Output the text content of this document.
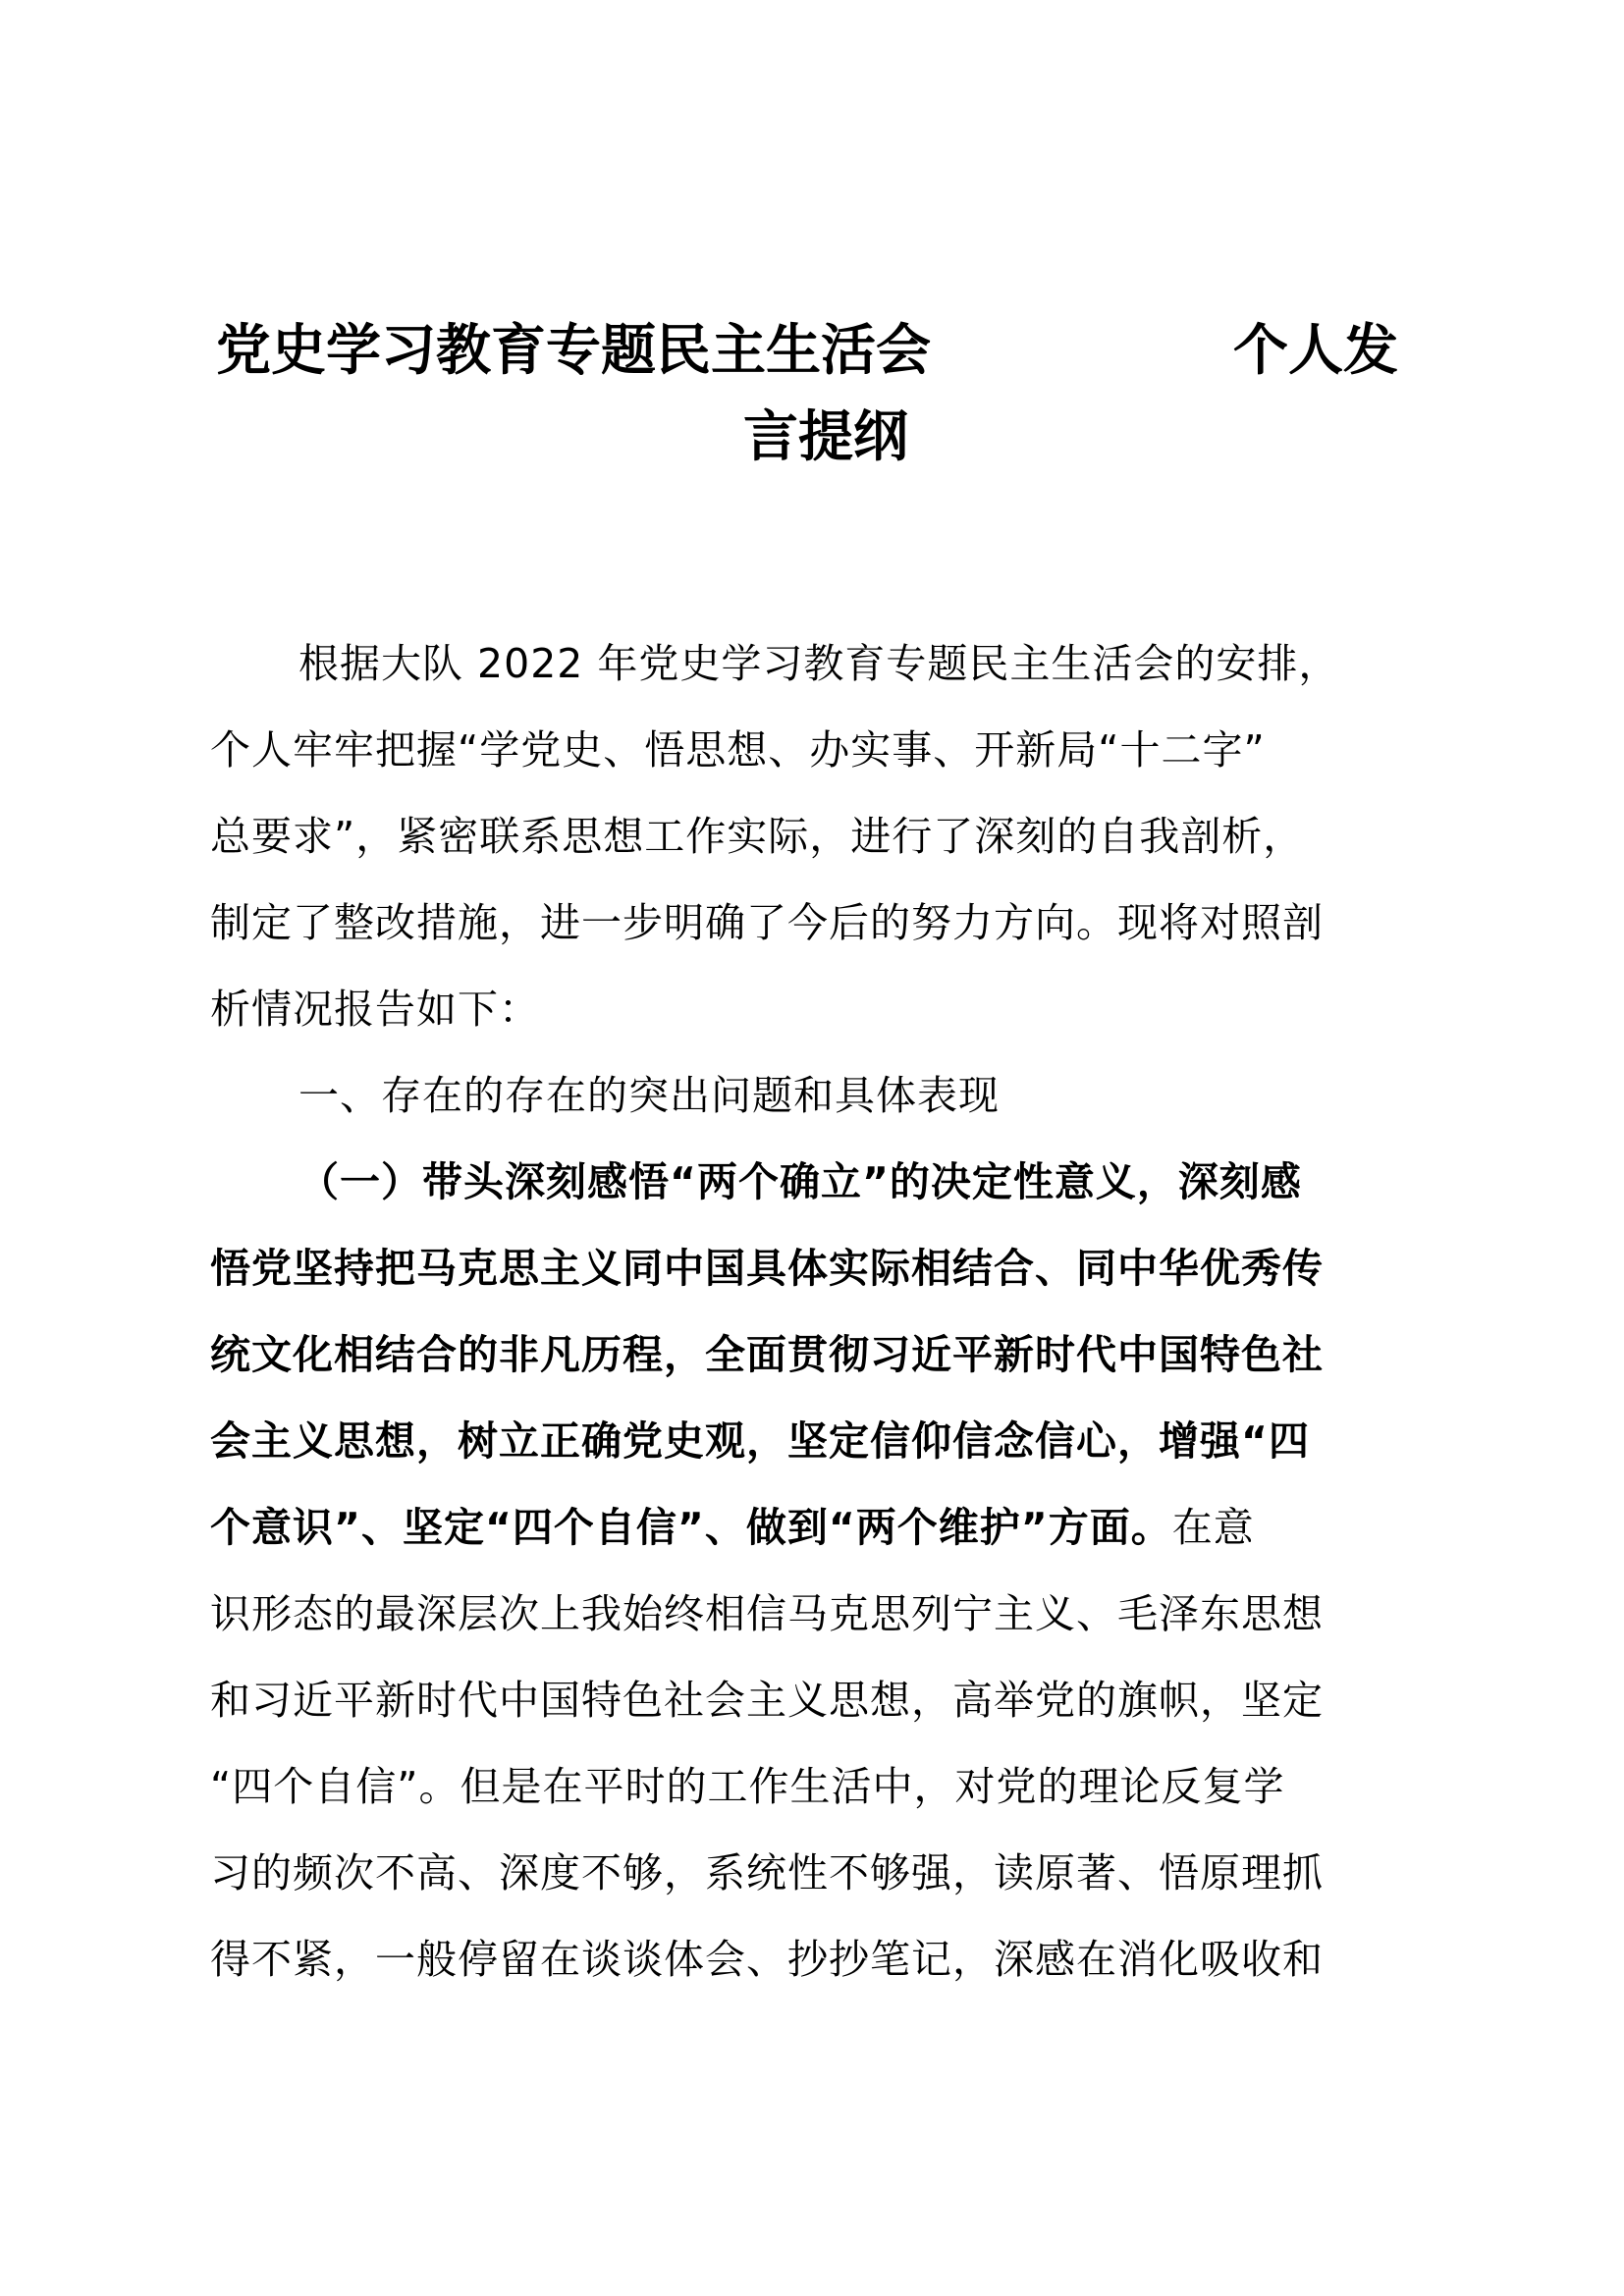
党史学习教育专题民主生活会	个人发
言提纲
根据大队 2022 年党史学习教育专题民主生活会的安排，
个人牢牢把握“学党史、悟思想、办实事、开新局“十二字”
总要求”，紧密联系思想工作实际，进行了深刻的自我剖析，
制定了整改措施，进一步明确了今后的努力方向。现将对照剖
析情况报告如下：
一、存在的存在的突出问题和具体表现
（一）带头深刻感悟“两个确立”的决定性意义，深刻感
悟党坚持把马克思主义同中国具体实际相结合、同中华优秀传
统文化相结合的非凡历程，全面贯彻习近平新时代中国特色社
会主义思想，树立正确党史观，坚定信仰信念信心，增强“四
个意识”、坚定“四个自信”、做到“两个维护”方面。在意
识形态的最深层次上我始终相信马克思列宁主义、毛泽东思想
和习近平新时代中国特色社会主义思想，高举党的旗帜，坚定
“四个自信”。但是在平时的工作生活中，对党的理论反复学
习的频次不高、深度不够，系统性不够强，读原著、悟原理抓
得不紧，一般停留在谈谈体会、抄抄笔记，深感在消化吸收和
